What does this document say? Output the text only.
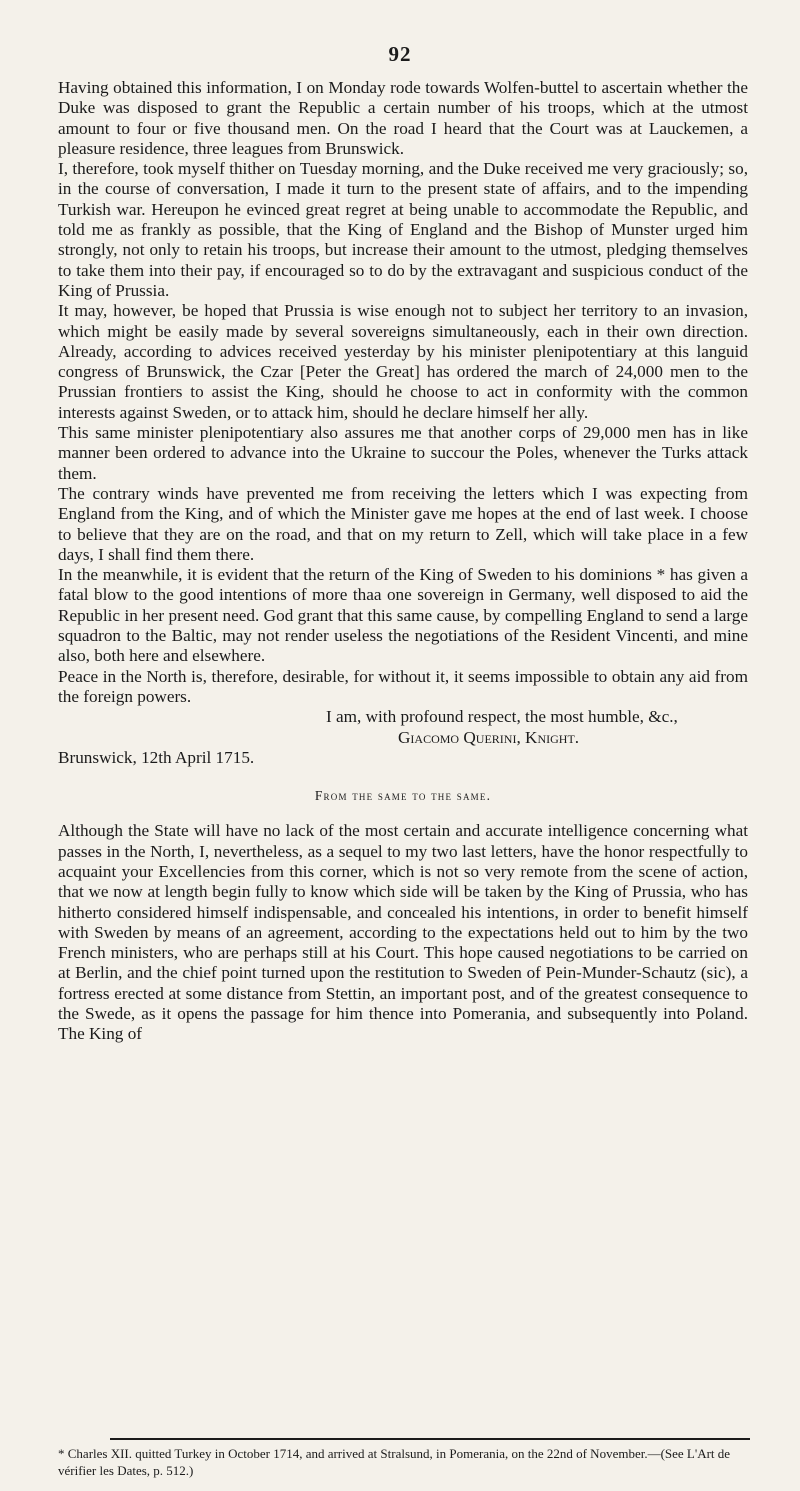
92

Having obtained this information, I on Monday rode towards Wolfen-buttel to ascertain whether the Duke was disposed to grant the Republic a certain number of his troops, which at the utmost amount to four or five thousand men. On the road I heard that the Court was at Lauckemen, a pleasure residence, three leagues from Brunswick.

I, therefore, took myself thither on Tuesday morning, and the Duke received me very graciously; so, in the course of conversation, I made it turn to the present state of affairs, and to the impending Turkish war. Hereupon he evinced great regret at being unable to accommodate the Republic, and told me as frankly as possible, that the King of England and the Bishop of Munster urged him strongly, not only to retain his troops, but increase their amount to the utmost, pledging themselves to take them into their pay, if encouraged so to do by the extravagant and suspicious conduct of the King of Prussia.

It may, however, be hoped that Prussia is wise enough not to subject her territory to an invasion, which might be easily made by several sovereigns simultaneously, each in their own direction. Already, according to advices received yesterday by his minister plenipotentiary at this languid congress of Brunswick, the Czar [Peter the Great] has ordered the march of 24,000 men to the Prussian frontiers to assist the King, should he choose to act in conformity with the common interests against Sweden, or to attack him, should he declare himself her ally.

This same minister plenipotentiary also assures me that another corps of 29,000 men has in like manner been ordered to advance into the Ukraine to succour the Poles, whenever the Turks attack them.

The contrary winds have prevented me from receiving the letters which I was expecting from England from the King, and of which the Minister gave me hopes at the end of last week. I choose to believe that they are on the road, and that on my return to Zell, which will take place in a few days, I shall find them there.

In the meanwhile, it is evident that the return of the King of Sweden to his dominions * has given a fatal blow to the good intentions of more thaa one sovereign in Germany, well disposed to aid the Republic in her present need. God grant that this same cause, by compelling England to send a large squadron to the Baltic, may not render useless the negotiations of the Resident Vincenti, and mine also, both here and elsewhere.

Peace in the North is, therefore, desirable, for without it, it seems impossible to obtain any aid from the foreign powers.

I am, with profound respect, the most humble, &c.,

Giacomo Querini, Knight.

Brunswick, 12th April 1715.

From the same to the same.

Although the State will have no lack of the most certain and accurate intelligence concerning what passes in the North, I, nevertheless, as a sequel to my two last letters, have the honor respectfully to acquaint your Excellencies from this corner, which is not so very remote from the scene of action, that we now at length begin fully to know which side will be taken by the King of Prussia, who has hitherto considered himself indispensable, and concealed his intentions, in order to benefit himself with Sweden by means of an agreement, according to the expectations held out to him by the two French ministers, who are perhaps still at his Court. This hope caused negotiations to be carried on at Berlin, and the chief point turned upon the restitution to Sweden of Pein-Munder-Schautz (sic), a fortress erected at some distance from Stettin, an important post, and of the greatest consequence to the Swede, as it opens the passage for him thence into Pomerania, and subsequently into Poland. The King of

* Charles XII. quitted Turkey in October 1714, and arrived at Stralsund, in Pomerania, on the 22nd of November.—(See L'Art de vérifier les Dates, p. 512.)
